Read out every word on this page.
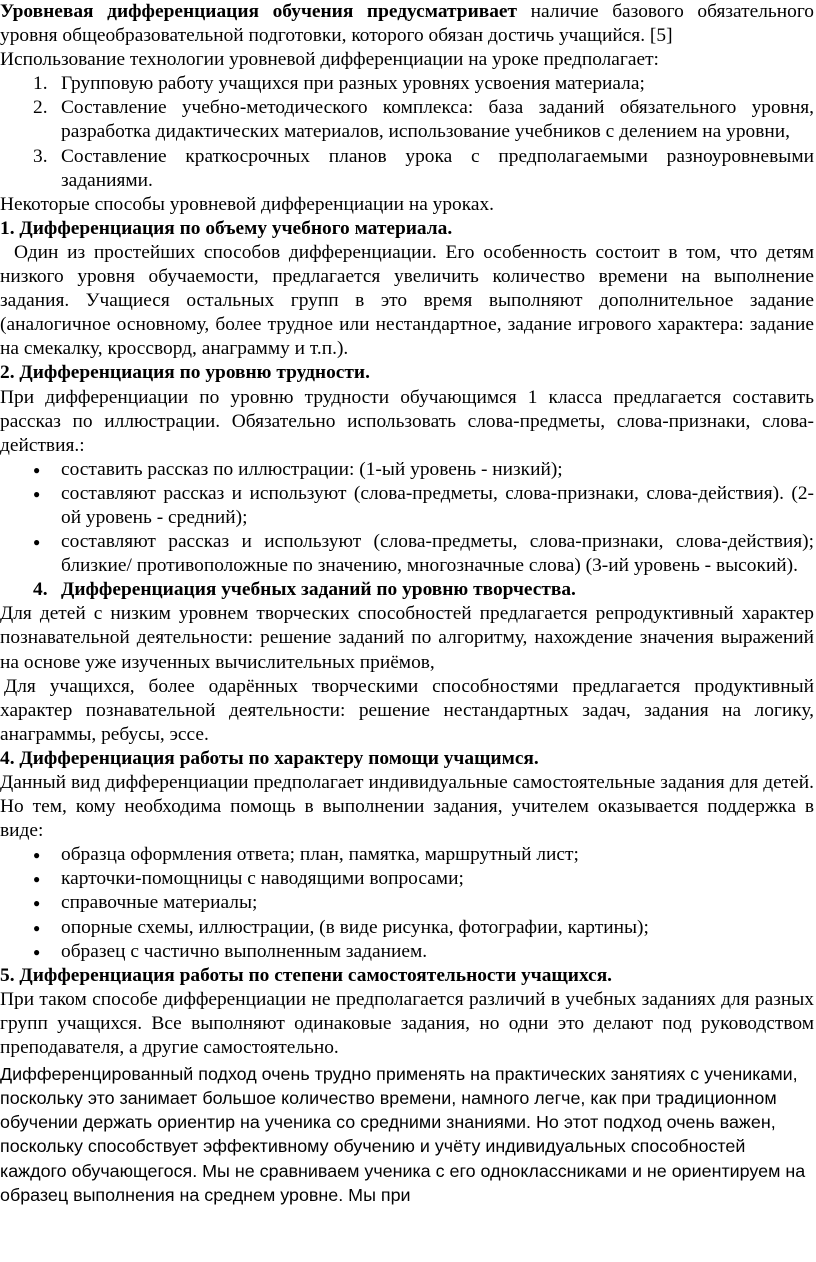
Уровневая дифференциация обучения предусматривает наличие базового обязательного уровня общеобразовательной подготовки, которого обязан достичь учащийся. [5]

Использование технологии уровневой дифференциации на уроке предполагает:

1. Групповую работу учащихся при разных уровнях усвоения материала;
2. Составление учебно-методического комплекса: база заданий обязательного уровня, разработка дидактических материалов, использование учебников с делением на уровни,
3. Составление краткосрочных планов урока с предполагаемыми разноуровневыми заданиями.

Некоторые способы уровневой дифференциации на уроках.

1. Дифференциация по объему учебного материала.

Один из простейших способов дифференциации. Его особенность состоит в том, что детям низкого уровня обучаемости, предлагается увеличить количество времени на выполнение задания. Учащиеся остальных групп в это время выполняют дополнительное задание (аналогичное основному, более трудное или нестандартное, задание игрового характера: задание на смекалку, кроссворд, анаграмму и т.п.).

2. Дифференциация по уровню трудности.

При дифференциации по уровню трудности обучающимся 1 класса предлагается составить рассказ по иллюстрации. Обязательно использовать слова-предметы, слова-признаки, слова-действия.:

● составить рассказ по иллюстрации: (1-ый уровень - низкий);
● составляют рассказ и используют (слова-предметы, слова-признаки, слова-действия). (2-ой уровень - средний);
● составляют рассказ и используют (слова-предметы, слова-признаки, слова-действия); близкие/ противоположные по значению, многозначные слова) (3-ий уровень - высокий).

4. Дифференциация учебных заданий по уровню творчества.

Для детей с низким уровнем творческих способностей предлагается репродуктивный характер познавательной деятельности: решение заданий по алгоритму, нахождение значения выражений на основе уже изученных вычислительных приёмов,

Для учащихся, более одарённых творческими способностями предлагается продуктивный характер познавательной деятельности: решение нестандартных задач, задания на логику, анаграммы, ребусы, эссе.

4. Дифференциация работы по характеру помощи учащимся.

Данный вид дифференциации предполагает индивидуальные самостоятельные задания для детей. Но тем, кому необходима помощь в выполнении задания, учителем оказывается поддержка в виде:

● образца оформления ответа; план, памятка, маршрутный лист;
● карточки-помощницы с наводящими вопросами;
● справочные материалы;
● опорные схемы, иллюстрации, (в виде рисунка, фотографии, картины);
● образец с частично выполненным заданием.

5. Дифференциация работы по степени самостоятельности учащихся.

При таком способе дифференциации не предполагается различий в учебных заданиях для разных групп учащихся. Все выполняют одинаковые задания, но одни это делают под руководством преподавателя, а другие самостоятельно.

Дифференцированный подход очень трудно применять на практических занятиях с учениками, поскольку это занимает большое количество времени, намного легче, как при традиционном обучении держать ориентир на ученика со средними знаниями. Но этот подход очень важен, поскольку способствует эффективному обучению и учёту индивидуальных способностей каждого обучающегося. Мы не сравниваем ученика с его одноклассниками и не ориентируем на образец выполнения на среднем уровне. Мы при
